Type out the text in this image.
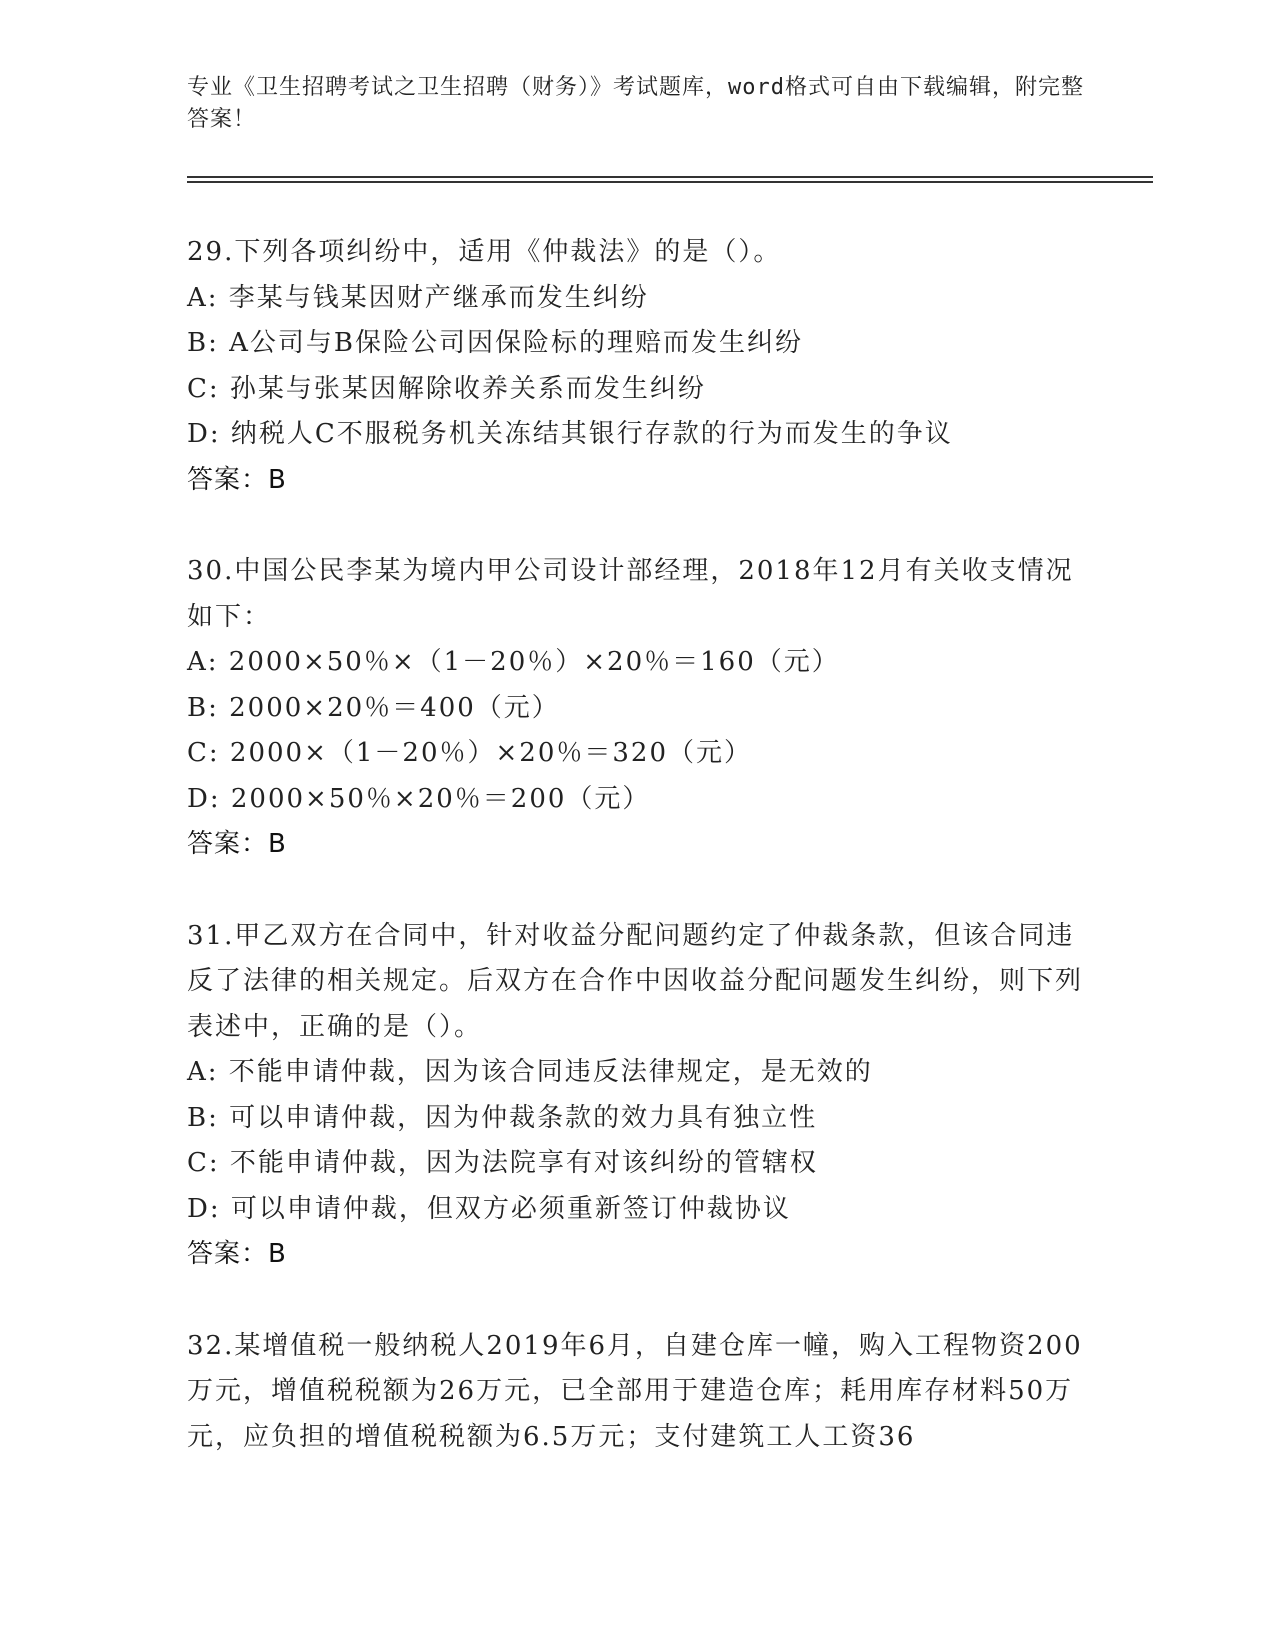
专业《卫生招聘考试之卫生招聘（财务）》考试题库，word格式可自由下载编辑，附完整答案！
29.下列各项纠纷中，适用《仲裁法》的是（）。
A: 李某与钱某因财产继承而发生纠纷
B: A公司与B保险公司因保险标的理赔而发生纠纷
C: 孙某与张某因解除收养关系而发生纠纷
D: 纳税人C不服税务机关冻结其银行存款的行为而发生的争议
答案：B
30.中国公民李某为境内甲公司设计部经理，2018年12月有关收支情况如下：
A: 2000×50％×（1－20％）×20％＝160（元）
B: 2000×20％＝400（元）
C: 2000×（1－20％）×20％＝320（元）
D: 2000×50％×20％＝200（元）
答案：B
31.甲乙双方在合同中，针对收益分配问题约定了仲裁条款，但该合同违反了法律的相关规定。后双方在合作中因收益分配问题发生纠纷，则下列表述中，正确的是（）。
A: 不能申请仲裁，因为该合同违反法律规定，是无效的
B: 可以申请仲裁，因为仲裁条款的效力具有独立性
C: 不能申请仲裁，因为法院享有对该纠纷的管辖权
D: 可以申请仲裁，但双方必须重新签订仲裁协议
答案：B
32.某增值税一般纳税人2019年6月，自建仓库一幢，购入工程物资200万元，增值税税额为26万元，已全部用于建造仓库；耗用库存材料50万元，应负担的增值税税额为6.5万元；支付建筑工人工资36
